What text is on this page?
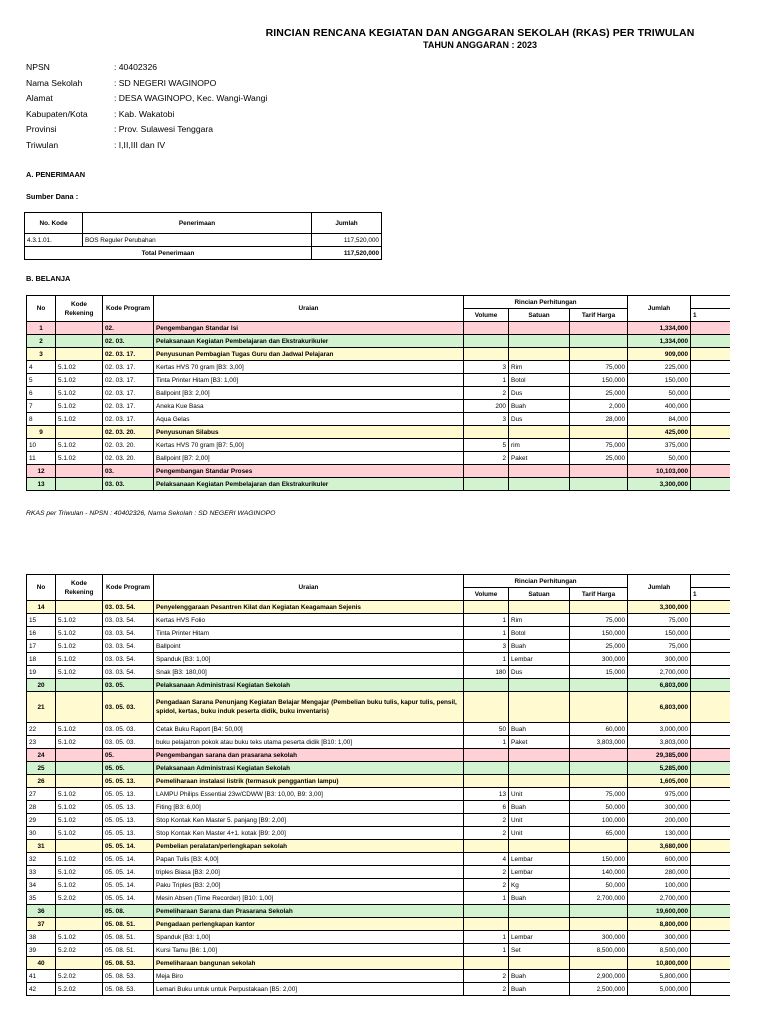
RINCIAN RENCANA KEGIATAN DAN ANGGARAN SEKOLAH (RKAS) PER TRIWULAN
TAHUN ANGGARAN : 2023
NPSN	: 40402326
Nama Sekolah	: SD NEGERI WAGINOPO
Alamat	: DESA WAGINOPO, Kec. Wangi-Wangi
Kabupaten/Kota	: Kab. Wakatobi
Provinsi	: Prov. Sulawesi Tenggara
Triwulan	: I,II,III dan IV
A. PENERIMAAN
Sumber Dana :
No. Kode	Penerimaan	Jumlah
4.3.1.01.	BOS Reguler Perubahan	117,520,000
Total Penerimaan		117,520,000
B. BELANJA
No	Kode Rekening	Kode Program	Uraian	Rincian Perhitungan			Jumlah	
				Volume	Satuan	Tarif Harga		1
1		02.	Pengembangan Standar Isi				1,334,000	
2		02. 03.	Pelaksanaan Kegiatan Pembelajaran dan Ekstrakurikuler				1,334,000	
3		02. 03. 17.	Penyusunan Pembagian Tugas Guru dan Jadwal Pelajaran				909,000	
4	5.1.02	02. 03. 17.	Kertas HVS 70 gram [B3: 3,00]	3	Rim	75,000	225,000	
5	5.1.02	02. 03. 17.	Tinta Printer Hitam [B3: 1,00]	1	Botol	150,000	150,000	
6	5.1.02	02. 03. 17.	Ballpoint [B3: 2,00]	2	Dus	25,000	50,000	
7	5.1.02	02. 03. 17.	Aneka Kue Basa	200	Buah	2,000	400,000	
8	5.1.02	02. 03. 17.	Aqua Gelas	3	Dus	28,000	84,000	
9		02. 03. 20.	Penyusunan Silabus				425,000	
10	5.1.02	02. 03. 20.	Kertas HVS 70 gram [B7: 5,00]	5	rim	75,000	375,000	
11	5.1.02	02. 03. 20.	Ballpoint [B7: 2,00]	2	Paket	25,000	50,000	
12		03.	Pengembangan Standar Proses				10,103,000	
13		03. 03.	Pelaksanaan Kegiatan Pembelajaran dan Ekstrakurikuler				3,300,000	
RKAS per Triwulan - NPSN : 40402326, Nama Sekolah : SD NEGERI WAGINOPO
No	Kode Rekening	Kode Program	Uraian	Rincian Perhitungan			Jumlah	
				Volume	Satuan	Tarif Harga		1
14		03. 03. 54.	Penyelenggaraan Pesantren Kilat dan Kegiatan Keagamaan Sejenis				3,300,000	
15	5.1.02	03. 03. 54.	Kertas HVS Folio	1	Rim	75,000	75,000	
16	5.1.02	03. 03. 54.	Tinta Printer Hitam	1	Botol	150,000	150,000	
17	5.1.02	03. 03. 54.	Ballpoint	3	Buah	25,000	75,000	
18	5.1.02	03. 03. 54.	Spanduk [B3: 1,00]	1	Lembar	300,000	300,000	
19	5.1.02	03. 03. 54.	Snak [B3: 180,00]	180	Dus	15,000	2,700,000	
20		03. 05.	Pelaksanaan Administrasi Kegiatan Sekolah				6,803,000	
21		03. 05. 03.	Pengadaan Sarana Penunjang Kegiatan Belajar Mengajar (Pembelian buku tulis, kapur tulis, pensil, spidol, kertas, buku induk peserta didik, buku inventaris)				6,803,000	
22	5.1.02	03. 05. 03.	Cetak Buku Raport [B4: 50,00]	50	Buah	60,000	3,000,000	
23	5.1.02	03. 05. 03.	buku pelajatron pokok atau buku teks utama peserta didik [B10: 1,00]	1	Paket	3,803,000	3,803,000	
24		05.	Pengembangan sarana dan prasarana sekolah				29,385,000	
25		05. 05.	Pelaksanaan Administrasi Kegiatan Sekolah				5,285,000	
26		05. 05. 13.	Pemeliharaan instalasi listrik (termasuk penggantian lampu)				1,605,000	
27	5.1.02	05. 05. 13.	LAMPU Philips Essential 23w/CDWW [B3: 10,00, B9: 3,00]	13	Unit	75,000	975,000	
28	5.1.02	05. 05. 13.	Fiting [B3: 6,00]	6	Buah	50,000	300,000	
29	5.1.02	05. 05. 13.	Stop Kontak Ken Master 5. panjang [B9: 2,00]	2	Unit	100,000	200,000	
30	5.1.02	05. 05. 13.	Stop Kontak Ken Master 4+1. kotak [B9: 2,00]	2	Unit	65,000	130,000	
31		05. 05. 14.	Pembelian peralatan/perlengkapan sekolah				3,680,000	
32	5.1.02	05. 05. 14.	Papan Tulis [B3: 4,00]	4	Lembar	150,000	600,000	
33	5.1.02	05. 05. 14.	triples Biasa [B3: 2,00]	2	Lembar	140,000	280,000	
34	5.1.02	05. 05. 14.	Paku Triples [B3: 2,00]	2	Kg	50,000	100,000	
35	5.2.02	05. 05. 14.	Mesin Absen (Time Recorder) [B10: 1,00]	1	Buah	2,700,000	2,700,000	
36		05. 08.	Pemeliharaan Sarana dan Prasarana Sekolah				19,600,000	
37		05. 08. 51.	Pengadaan perlengkapan kantor				8,800,000	
38	5.1.02	05. 08. 51.	Spanduk [B3: 1,00]	1	Lembar	300,000	300,000	
39	5.2.02	05. 08. 51.	Kursi Tamu [B6: 1,00]	1	Set	8,500,000	8,500,000	
40		05. 08. 53.	Pemeliharaan bangunan sekolah				10,800,000	
41	5.2.02	05. 08. 53.	Meja Biro	2	Buah	2,900,000	5,800,000	
42	5.2.02	05. 08. 53.	Lemari Buku untuk untuk Perpustakaan [B5: 2,00]	2	Buah	2,500,000	5,000,000	
